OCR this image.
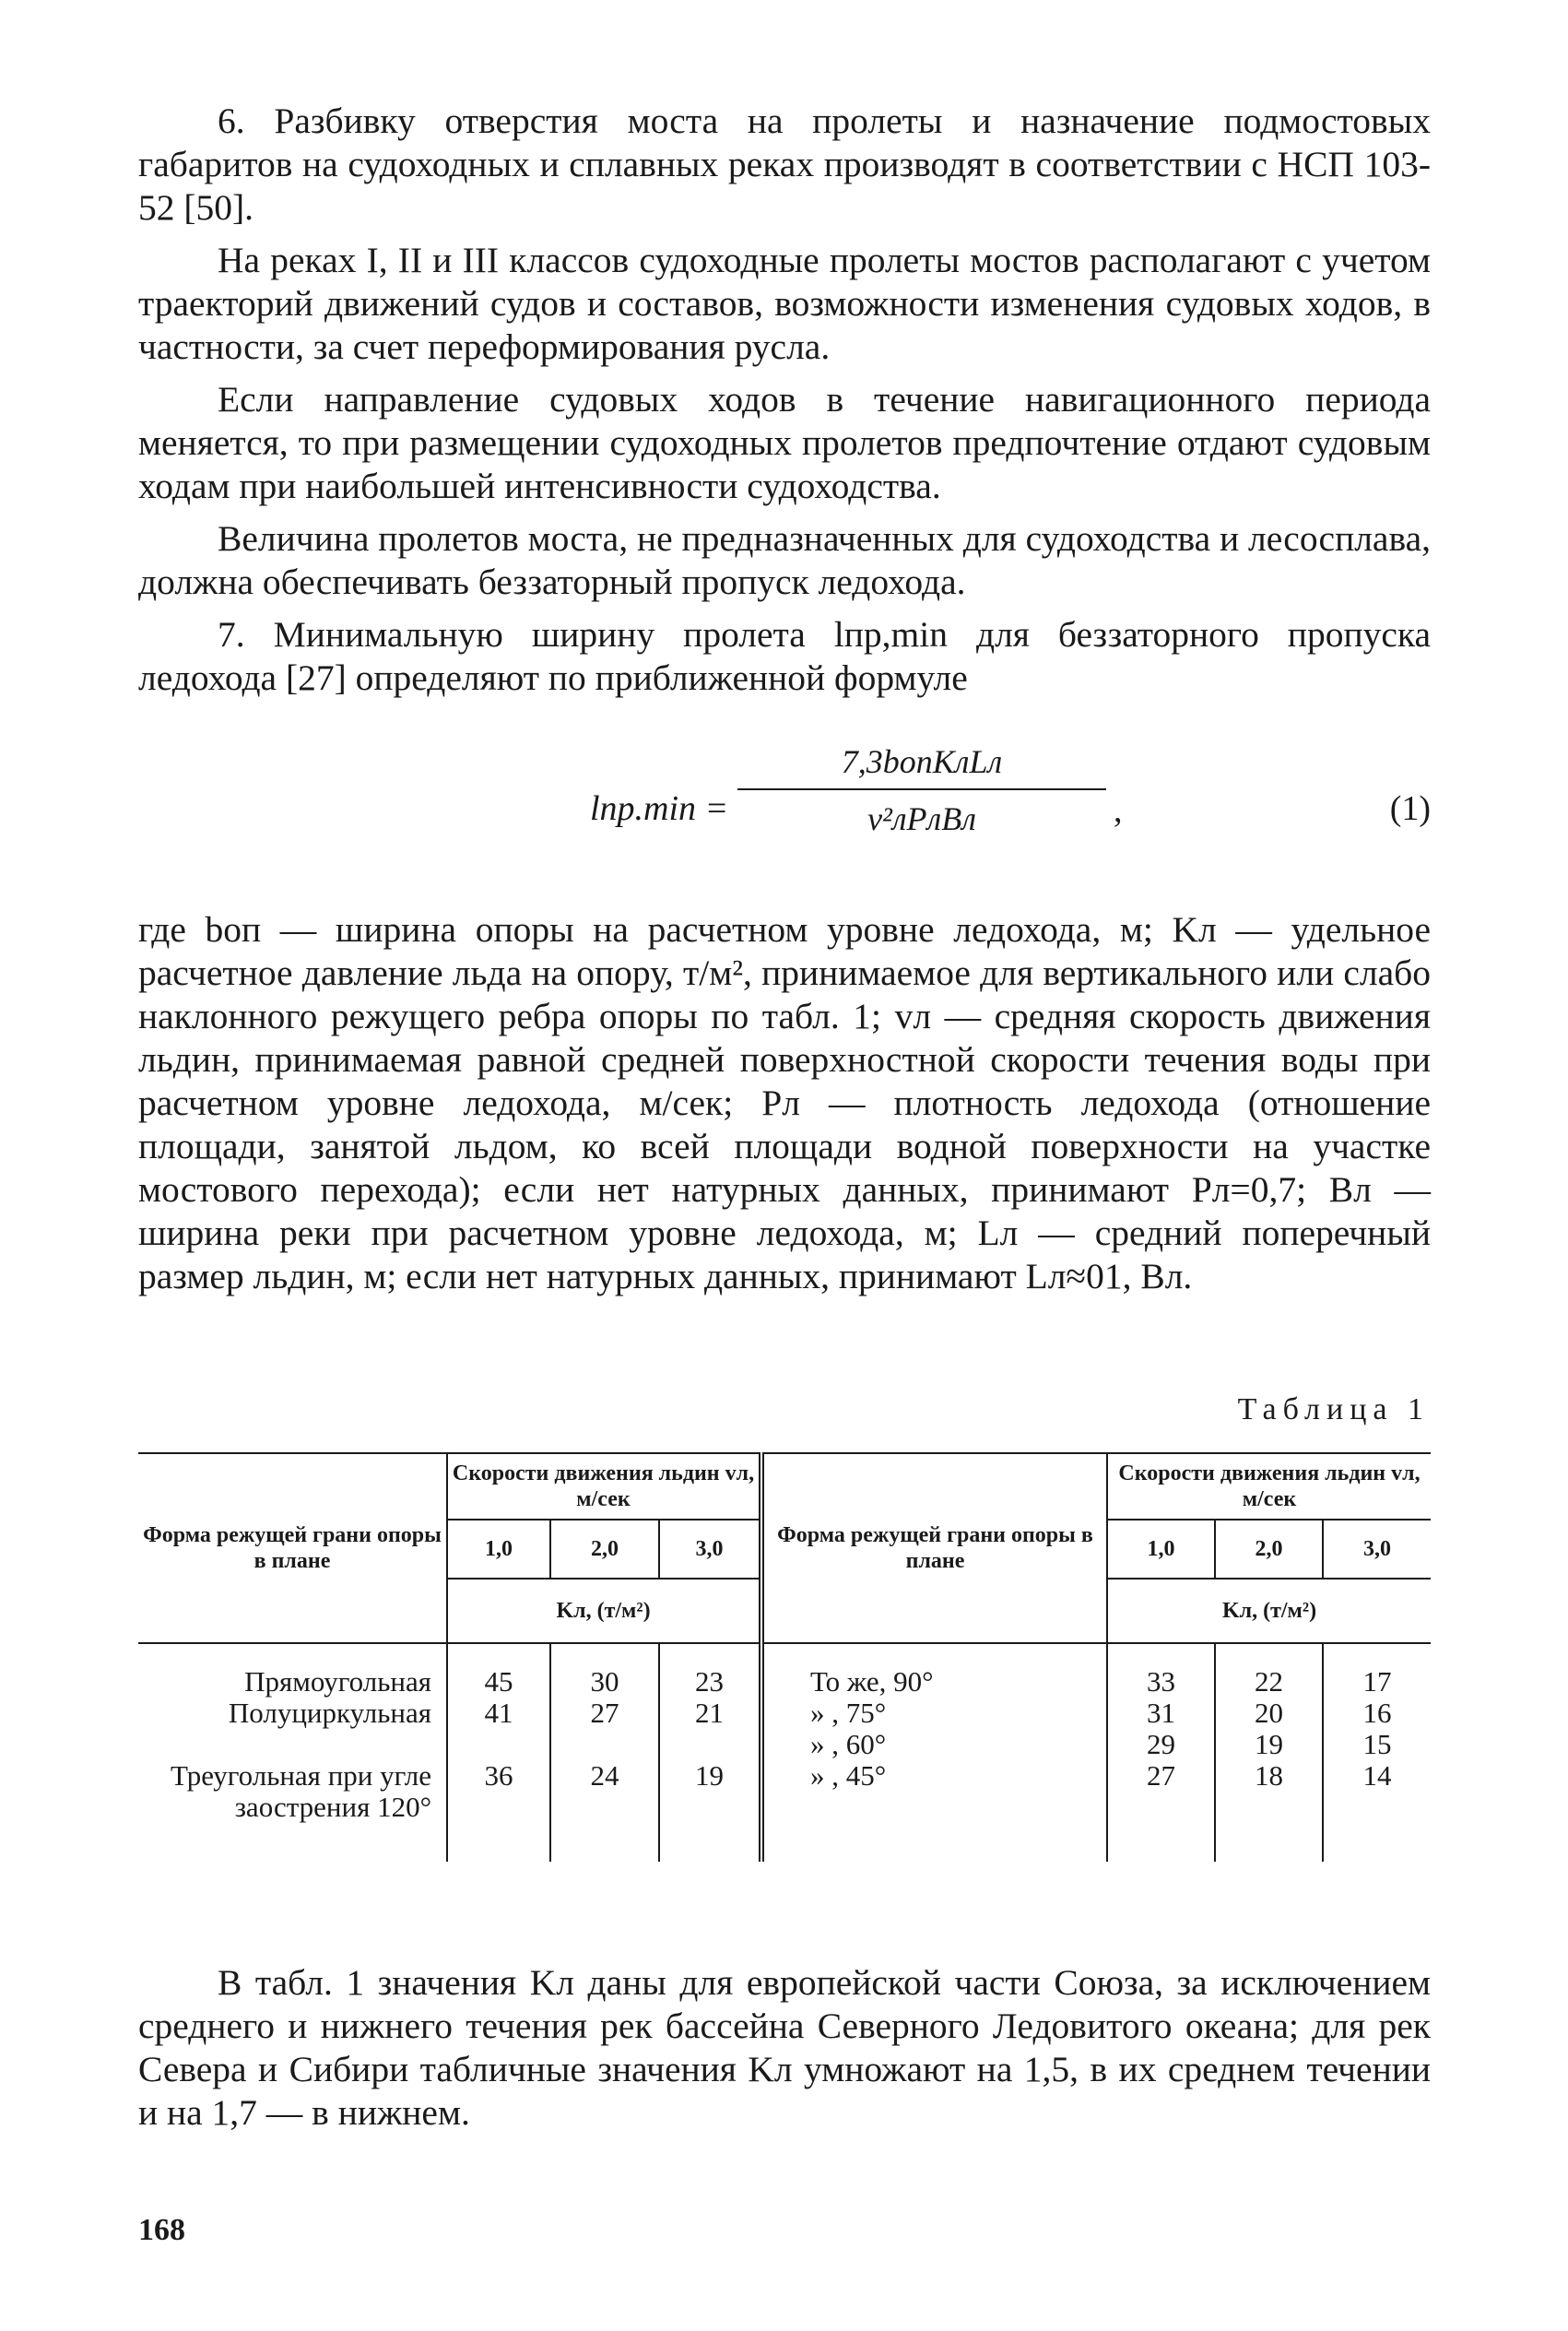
6. Разбивку отверстия моста на пролеты и назначение подмостовых габаритов на судоходных и сплавных реках производят в соответствии с НСП 103-52 [50].

На реках I, II и III классов судоходные пролеты мостов располагают с учетом траекторий движений судов и составов, возможности изменения судовых ходов, в частности, за счет переформирования русла.

Если направление судовых ходов в течение навигационного периода меняется, то при размещении судоходных пролетов предпочтение отдают судовым ходам при наибольшей интенсивности судоходства.

Величина пролетов моста, не предназначенных для судоходства и лесосплава, должна обеспечивать беззаторный пропуск ледохода.

7. Минимальную ширину пролета lпр,min для беззаторного пропуска ледохода [27] определяют по приближенной формуле

lпр.min =
7,3bопKлLл
v²лPлBл	,	(1)

где bоп — ширина опоры на расчетном уровне ледохода, м; Kл — удельное расчетное давление льда на опору, т/м², принимаемое для вертикального или слабо наклонного режущего ребра опоры по табл. 1; vл — средняя скорость движения льдин, принимаемая равной средней поверхностной скорости течения воды при расчетном уровне ледохода, м/сек; Pл — плотность ледохода (отношение площади, занятой льдом, ко всей площади водной поверхности на участке мостового перехода); если нет натурных данных, принимают Pл=0,7; Bл — ширина реки при расчетном уровне ледохода, м; Lл — средний поперечный размер льдин, м; если нет натурных данных, принимают Lл≈01, Bл.

Таблица 1
Форма режущей грани опоры в плане	Скорости движения льдин vл, м/сек			Форма режущей грани опоры в плане	Скорости движения льдин vл, м/сек		
	1,0	2,0	3,0		1,0	2,0	3,0
	Kл, (т/м²)				Kл, (т/м²)		
Прямоугольная	45	30	23	То же, 90°	33	22	17
Полуциркульная	41	27	21	» , 75°	31	20	16
				» , 60°	29	19	15
Треугольная при угле заострения 120°	36	24	19	» , 45°	27	18	14

В табл. 1 значения Kл даны для европейской части Союза, за исключением среднего и нижнего течения рек бассейна Северного Ледовитого океана; для рек Севера и Сибири табличные значения Kл умножают на 1,5, в их среднем течении и на 1,7 — в нижнем.

168
